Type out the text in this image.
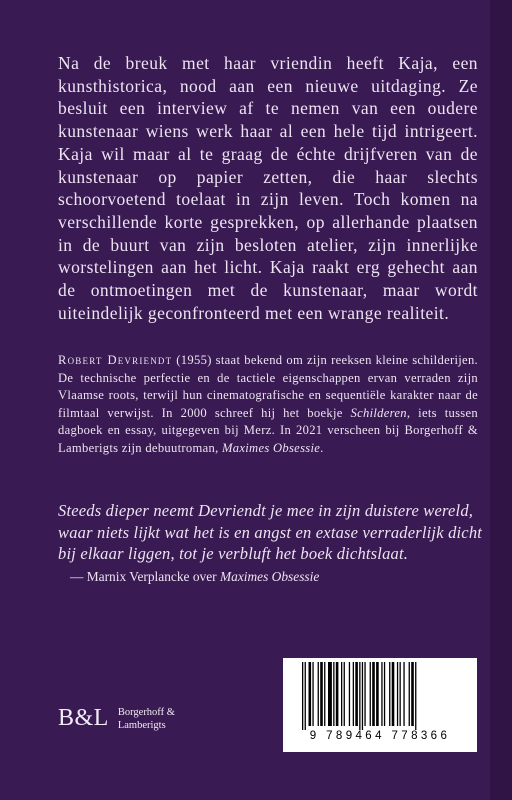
Na de breuk met haar vriendin heeft Kaja, een kunsthistorica, nood aan een nieuwe uitdaging. Ze besluit een interview af te nemen van een oudere kunstenaar wiens werk haar al een hele tijd intrigeert. Kaja wil maar al te graag de échte drijfveren van de kunstenaar op papier zetten, die haar slechts schoorvoetend toelaat in zijn leven. Toch komen na verschillende korte gesprekken, op allerhande plaatsen in de buurt van zijn besloten atelier, zijn innerlijke worstelingen aan het licht. Kaja raakt erg gehecht aan de ontmoetingen met de kunstenaar, maar wordt uiteindelijk geconfronteerd met een wrange realiteit.

Robert Devriendt (1955) staat bekend om zijn reeksen kleine schilderijen. De technische perfectie en de tactiele eigenschappen ervan verraden zijn Vlaamse roots, terwijl hun cinematografische en sequentiële karakter naar de filmtaal verwijst. In 2000 schreef hij het boekje Schilderen, iets tussen dagboek en essay, uitgegeven bij Merz. In 2021 verscheen bij Borgerhoff & Lamberigts zijn debuutroman, Maximes Obsessie.

Steeds dieper neemt Devriendt je mee in zijn duistere wereld, waar niets lijkt wat het is en angst en extase verraderlijk dicht bij elkaar liggen, tot je verbluft het boek dichtslaat.

— Marnix Verplancke over Maximes Obsessie

B&L Borgerhoff &
Lamberigts
9 789464 778366
